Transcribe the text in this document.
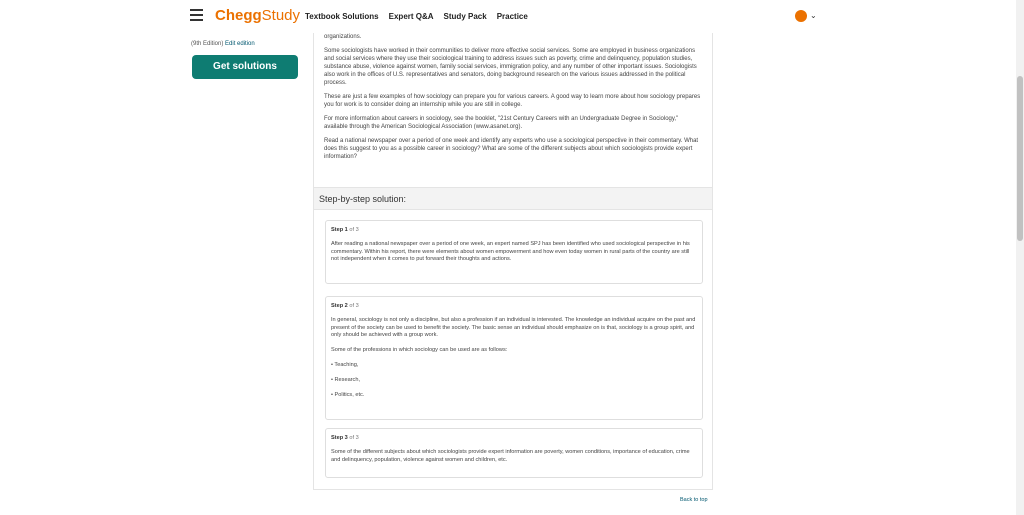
CheggStudy Textbook Solutions Expert Q&A Study Pack Practice	⌄
(9th Edition) Edit edition
Get solutions

organizations.

Some sociologists have worked in their communities to deliver more effective social services. Some are employed in business organizations and social services where they use their sociological training to address issues such as poverty, crime and delinquency, population studies, substance abuse, violence against women, family social services, immigration policy, and any number of other important issues. Sociologists also work in the offices of U.S. representatives and senators, doing background research on the various issues addressed in the political process.

These are just a few examples of how sociology can prepare you for various careers. A good way to learn more about how sociology prepares you for work is to consider doing an internship while you are still in college.

For more information about careers in sociology, see the booklet, "21st Century Careers with an Undergraduate Degree in Sociology," available through the American Sociological Association (www.asanet.org).

Read a national newspaper over a period of one week and identify any experts who use a sociological perspective in their commentary. What does this suggest to you as a possible career in sociology? What are some of the different subjects about which sociologists provide expert information?

Step-by-step solution:
Step 1 of 3

After reading a national newspaper over a period of one week, an expert named SPJ has been identified who used sociological perspective in his commentary. Within his report, there were elements about women empowerment and how even today women in rural parts of the country are still not independent when it comes to put forward their thoughts and actions.

Step 2 of 3

In general, sociology is not only a discipline, but also a profession if an individual is interested. The knowledge an individual acquire on the past and present of the society can be used to benefit the society. The basic sense an individual should emphasize on is that, sociology is a group spirit, and only should be achieved with a group work.

Some of the professions in which sociology can be used are as follows:

• Teaching,

• Research,

• Politics, etc.

Step 3 of 3

Some of the different subjects about which sociologists provide expert information are poverty, women conditions, importance of education, crime and delinquency, population, violence against women and children, etc.

Back to top
